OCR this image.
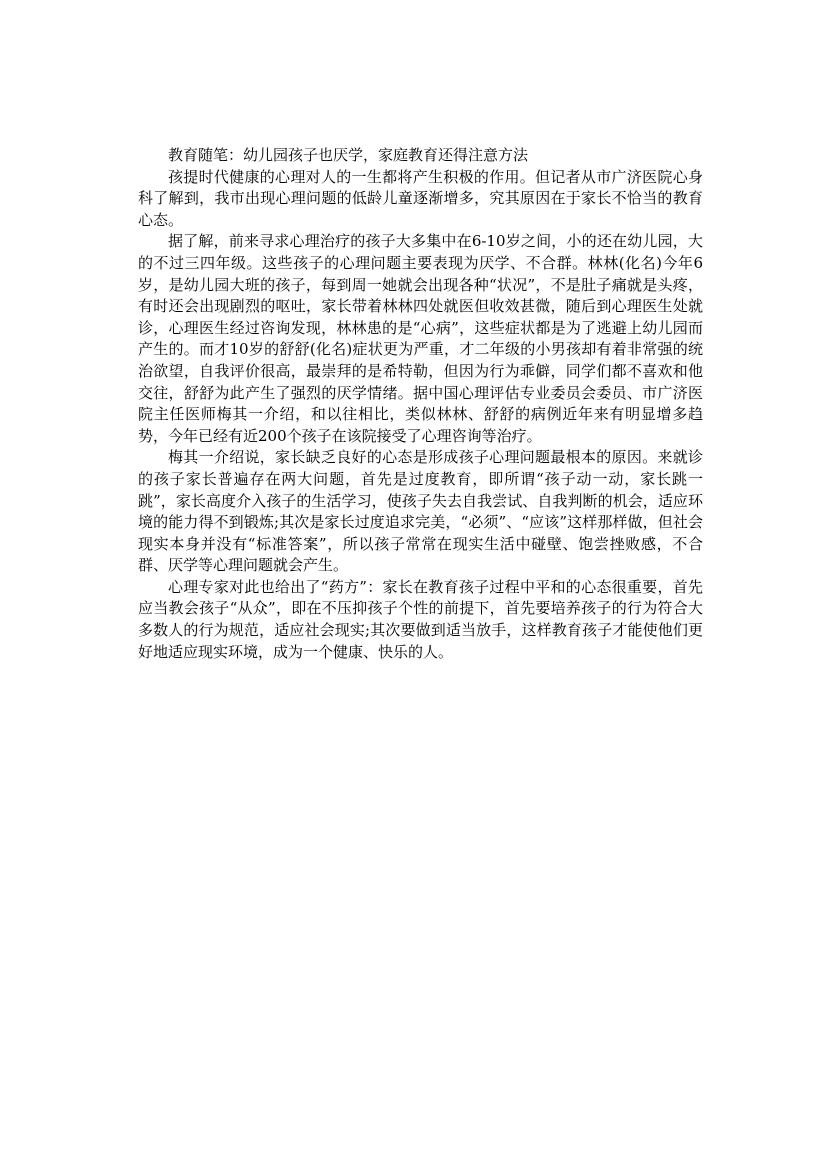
教育随笔：幼儿园孩子也厌学，家庭教育还得注意方法

孩提时代健康的心理对人的一生都将产生积极的作用。但记者从市广济医院心身科了解到，我市出现心理问题的低龄儿童逐渐增多，究其原因在于家长不恰当的教育心态。

据了解，前来寻求心理治疗的孩子大多集中在6-10岁之间，小的还在幼儿园，大的不过三四年级。这些孩子的心理问题主要表现为厌学、不合群。林林(化名)今年6岁，是幼儿园大班的孩子，每到周一她就会出现各种“状况”，不是肚子痛就是头疼，有时还会出现剧烈的呕吐，家长带着林林四处就医但收效甚微，随后到心理医生处就诊，心理医生经过咨询发现，林林患的是“心病”，这些症状都是为了逃避上幼儿园而产生的。而才10岁的舒舒(化名)症状更为严重，才二年级的小男孩却有着非常强的统治欲望，自我评价很高，最崇拜的是希特勒，但因为行为乖僻，同学们都不喜欢和他交往，舒舒为此产生了强烈的厌学情绪。据中国心理评估专业委员会委员、市广济医院主任医师梅其一介绍，和以往相比，类似林林、舒舒的病例近年来有明显增多趋势，今年已经有近200个孩子在该院接受了心理咨询等治疗。

梅其一介绍说，家长缺乏良好的心态是形成孩子心理问题最根本的原因。来就诊的孩子家长普遍存在两大问题，首先是过度教育，即所谓“孩子动一动，家长跳一跳”，家长高度介入孩子的生活学习，使孩子失去自我尝试、自我判断的机会，适应环境的能力得不到锻炼;其次是家长过度追求完美，“必须”、“应该”这样那样做，但社会现实本身并没有“标准答案”，所以孩子常常在现实生活中碰壁、饱尝挫败感，不合群、厌学等心理问题就会产生。

心理专家对此也给出了“药方”：家长在教育孩子过程中平和的心态很重要，首先应当教会孩子“从众”，即在不压抑孩子个性的前提下，首先要培养孩子的行为符合大多数人的行为规范，适应社会现实;其次要做到适当放手，这样教育孩子才能使他们更好地适应现实环境，成为一个健康、快乐的人。
